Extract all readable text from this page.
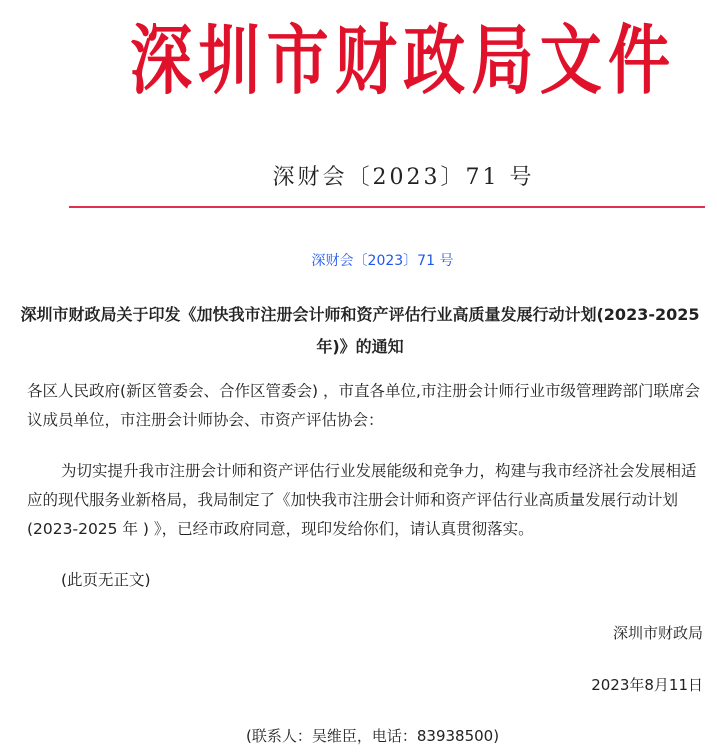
深 圳 市 财 政 局 文 件
深财会〔2023〕71 号
深财会〔2023〕71 号
深圳市财政局关于印发《加快我市注册会计师和资产评估行业高质量发展行动计划(2023-2025 年)》的通知
各区人民政府(新区管委会、合作区管委会) ，市直各单位,市注册会计师行业市级管理跨部门联席会议成员单位，市注册会计师协会、市资产评估协会：
为切实提升我市注册会计师和资产评估行业发展能级和竞争力，构建与我市经济社会发展相适应的现代服务业新格局，我局制定了《加快我市注册会计师和资产评估行业高质量发展行动计划(2023-2025 年 ) 》，已经市政府同意，现印发给你们，请认真贯彻落实。
(此页无正文)
深圳市财政局
2023年8月11日
(联系人：吴维臣，电话：83938500)
